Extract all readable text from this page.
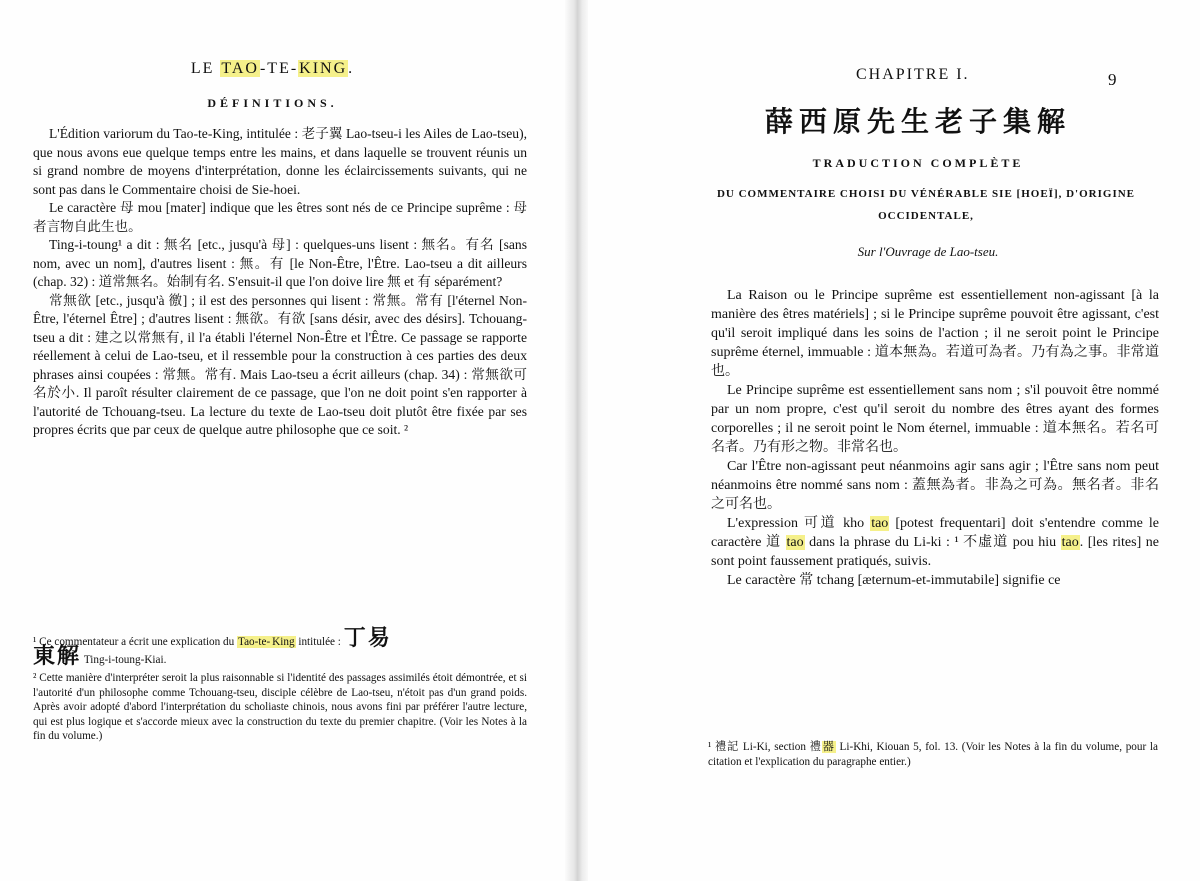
LE TAO-TE-KING.
DÉFINITIONS.

L'Édition variorum du Tao-te-King, intitulée : 老子翼 Lao-tseu-i les Ailes de Lao-tseu), que nous avons eue quelque temps entre les mains, et dans laquelle se trouvent réunis un si grand nombre de moyens d'interprétation, donne les éclaircissements suivants, qui ne sont pas dans le Commentaire choisi de Sie-hoei.

Le caractère 母 mou [mater] indique que les êtres sont nés de ce Principe suprême : 母者言物自此生也。

Ting-i-toung¹ a dit : 無名 [etc., jusqu'à 母] : quelques-uns lisent : 無名。有名 [sans nom, avec un nom], d'autres lisent : 無。有 [le Non-Être, l'Être. Lao-tseu a dit ailleurs (chap. 32) : 道常無名。始制有名. S'ensuit-il que l'on doive lire 無 et 有 séparément?

常無欲 [etc., jusqu'à 徼] ; il est des personnes qui lisent : 常無。常有 [l'éternel Non-Être, l'éternel Être] ; d'autres lisent : 無欲。有欲 [sans désir, avec des désirs]. Tchouang-tseu a dit : 建之以常無有, il l'a établi l'éternel Non-Être et l'Être. Ce passage se rapporte réellement à celui de Lao-tseu, et il ressemble pour la construction à ces parties des deux phrases ainsi coupées : 常無。常有. Mais Lao-tseu a écrit ailleurs (chap. 34) : 常無欲可名於小. Il paroît résulter clairement de ce passage, que l'on ne doit point s'en rapporter à l'autorité de Tchouang-tseu. La lecture du texte de Lao-tseu doit plutôt être fixée par ses propres écrits que par ceux de quelque autre philosophe que ce soit. ²

¹ Ce commentateur a écrit une explication du Tao-te- King intitulée : 丁易
東解 Ting-i-toung-Kiai.

² Cette manière d'interpréter seroit la plus raisonnable si l'identité des passages assimilés étoit démontrée, et si l'autorité d'un philosophe comme Tchouang-tseu, disciple célèbre de Lao-tseu, n'étoit pas d'un grand poids. Après avoir adopté d'abord l'interprétation du scholiaste chinois, nous avons fini par préférer l'autre lecture, qui est plus logique et s'accorde mieux avec la construction du texte du premier chapitre. (Voir les Notes à la fin du volume.)

CHAPITRE I.	9
薛西原先生老子集解
TRADUCTION COMPLÈTE
DU COMMENTAIRE CHOISI DU VÉNÉRABLE SIE [HOEÏ], D'ORIGINE
OCCIDENTALE,
Sur l'Ouvrage de Lao-tseu.

La Raison ou le Principe suprême est essentiellement non-agissant [à la manière des êtres matériels] ; si le Principe suprême pouvoit être agissant, c'est qu'il seroit impliqué dans les soins de l'action ; il ne seroit point le Principe suprême éternel, immuable : 道本無為。若道可為者。乃有為之事。非常道也。

Le Principe suprême est essentiellement sans nom ; s'il pouvoit être nommé par un nom propre, c'est qu'il seroit du nombre des êtres ayant des formes corporelles ; il ne seroit point le Nom éternel, immuable : 道本無名。若名可名者。乃有形之物。非常名也。

Car l'Être non-agissant peut néanmoins agir sans agir ; l'Être sans nom peut néanmoins être nommé sans nom : 蓋無為者。非為之可為。無名者。非名之可名也。

L'expression 可道 kho tao [potest frequentari] doit s'entendre comme le caractère 道 tao dans la phrase du Li-ki : ¹ 不虛道 pou hiu tao. [les rites] ne sont point faussement pratiqués, suivis.

Le caractère 常 tchang [æternum-et-immutabile] signifie ce

¹ 禮記 Li-Ki, section 禮器 Li-Khi, Kiouan 5, fol. 13. (Voir les Notes à la fin du volume, pour la citation et l'explication du paragraphe entier.)
